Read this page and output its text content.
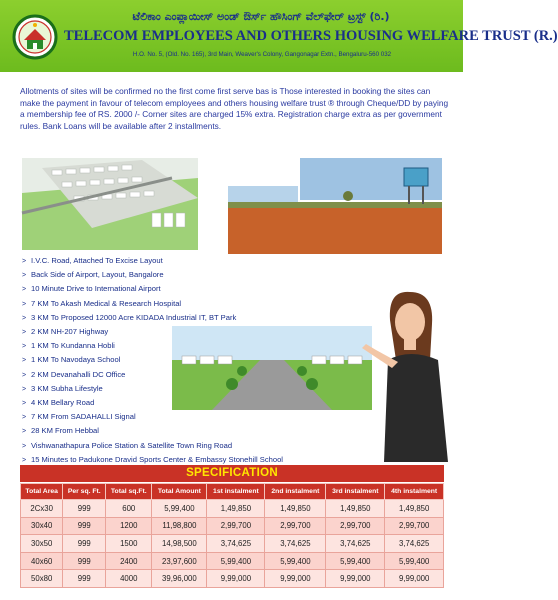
ಟೆಲಿಕಾಂ ಎಂಪ್ಲಾಯೀಸ್ ಅಂಡ್ ಔರ್ಸ್ ಹೌಸಿಂಗ್ ವೆಲ್‌ಫೇರ್ ಟ್ರಸ್ಟ್ (ರಿ.)
TELECOM EMPLOYEES AND OTHERS HOUSING WELFARE TRUST (R.)
H.O. No. 5, (Old. No. 165), 3rd Main, Weaver's Colony, Gangonagar Extn., Bengaluru-560 032

Allotments of sites will be confirmed no the first come first serve bas is Those interested in booking the sites can make the payment in favour of telecom employees and others housing welfare trust ® through Cheque/DD by paying a membership fee of RS. 2000 /- Corner sites are charged 15% extra. Registration charge extra as per government rules. Bank Loans will be available after 2 installments.

> I.V.C. Road, Attached To Excise Layout
> Back Side of Airport, Layout, Bangalore
> 10 Minute Drive to International Airport
> 7 KM To Akash Medical & Research Hospital
> 3 KM To Proposed 12000 Acre KIDADA Industrial IT, BT Park
> 2 KM NH-207 Highway
> 1 KM To Kundanna Hobli
> 1 KM To Navodaya School
> 2 KM Devanahalli DC Office
> 3 KM Subha Lifestyle
> 4 KM Bellary Road
> 7 KM From SADAHALLI Signal
> 28 KM From Hebbal
> Vishwanathapura Police Station & Satellite Town Ring Road
> 15 Minutes to Padukone Dravid Sports Center & Embassy Stonehill School
SPECIFICATION
Total Area	Per sq. Ft.	Total sq.Ft.	Total Amount	1st instalment	2nd instalment	3rd instalment	4th instalment
2Cx30	999	600	5,99,400	1,49,850	1,49,850	1,49,850	1,49,850
30x40	999	1200	11,98,800	2,99,700	2,99,700	2,99,700	2,99,700
30x50	999	1500	14,98,500	3,74,625	3,74,625	3,74,625	3,74,625
40x60	999	2400	23,97,600	5,99,400	5,99,400	5,99,400	5,99,400
50x80	999	4000	39,96,000	9,99,000	9,99,000	9,99,000	9,99,000
